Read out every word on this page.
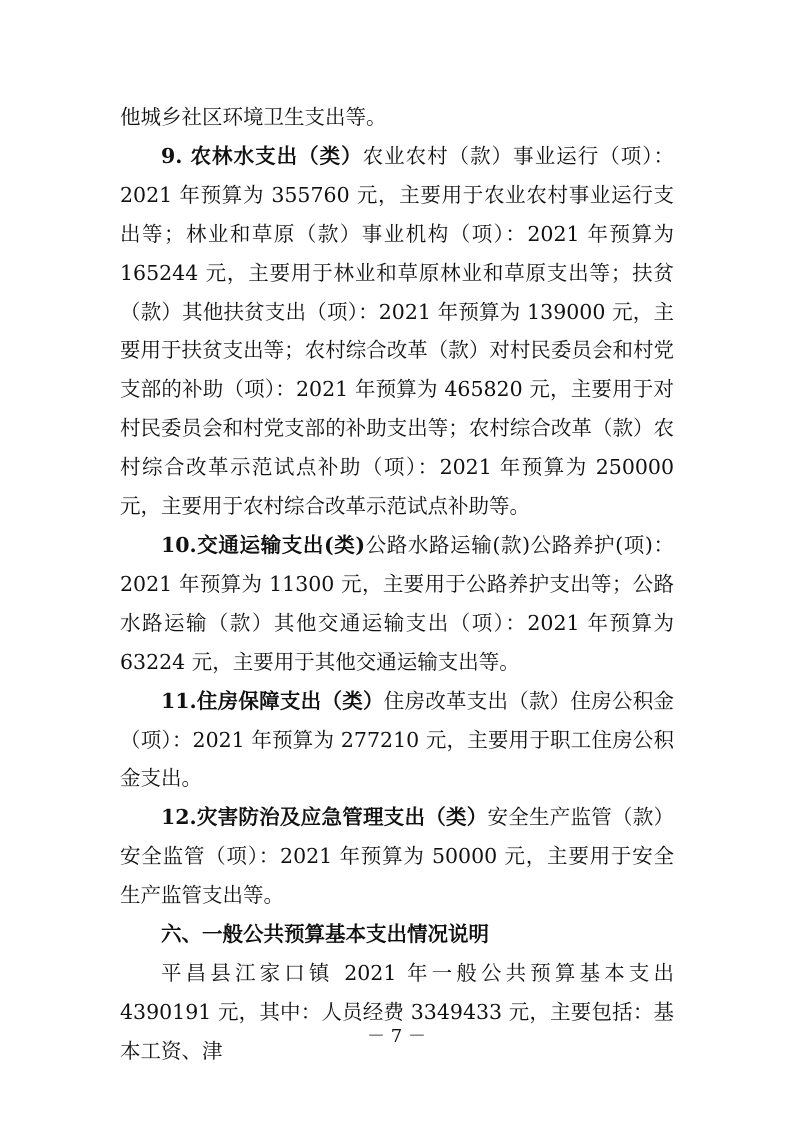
他城乡社区环境卫生支出等。

9. 农林水支出（类）农业农村（款）事业运行（项）：2021 年预算为 355760 元，主要用于农业农村事业运行支出等；林业和草原（款）事业机构（项）：2021 年预算为 165244 元，主要用于林业和草原林业和草原支出等；扶贫（款）其他扶贫支出（项）：2021 年预算为 139000 元，主要用于扶贫支出等；农村综合改革（款）对村民委员会和村党支部的补助（项）：2021 年预算为 465820 元，主要用于对村民委员会和村党支部的补助支出等；农村综合改革（款）农村综合改革示范试点补助（项）：2021 年预算为 250000 元，主要用于农村综合改革示范试点补助等。

10.交通运输支出(类)公路水路运输(款)公路养护(项)：2021 年预算为 11300 元，主要用于公路养护支出等；公路水路运输（款）其他交通运输支出（项）：2021 年预算为 63224 元，主要用于其他交通运输支出等。

11.住房保障支出（类）住房改革支出（款）住房公积金（项）：2021 年预算为 277210 元，主要用于职工住房公积金支出。

12.灾害防治及应急管理支出（类）安全生产监管（款）安全监管（项）：2021 年预算为 50000 元，主要用于安全生产监管支出等。

六、一般公共预算基本支出情况说明

平昌县江家口镇 2021 年一般公共预算基本支出 4390191 元，其中：人员经费 3349433 元，主要包括：基本工资、津

－ 7 －
